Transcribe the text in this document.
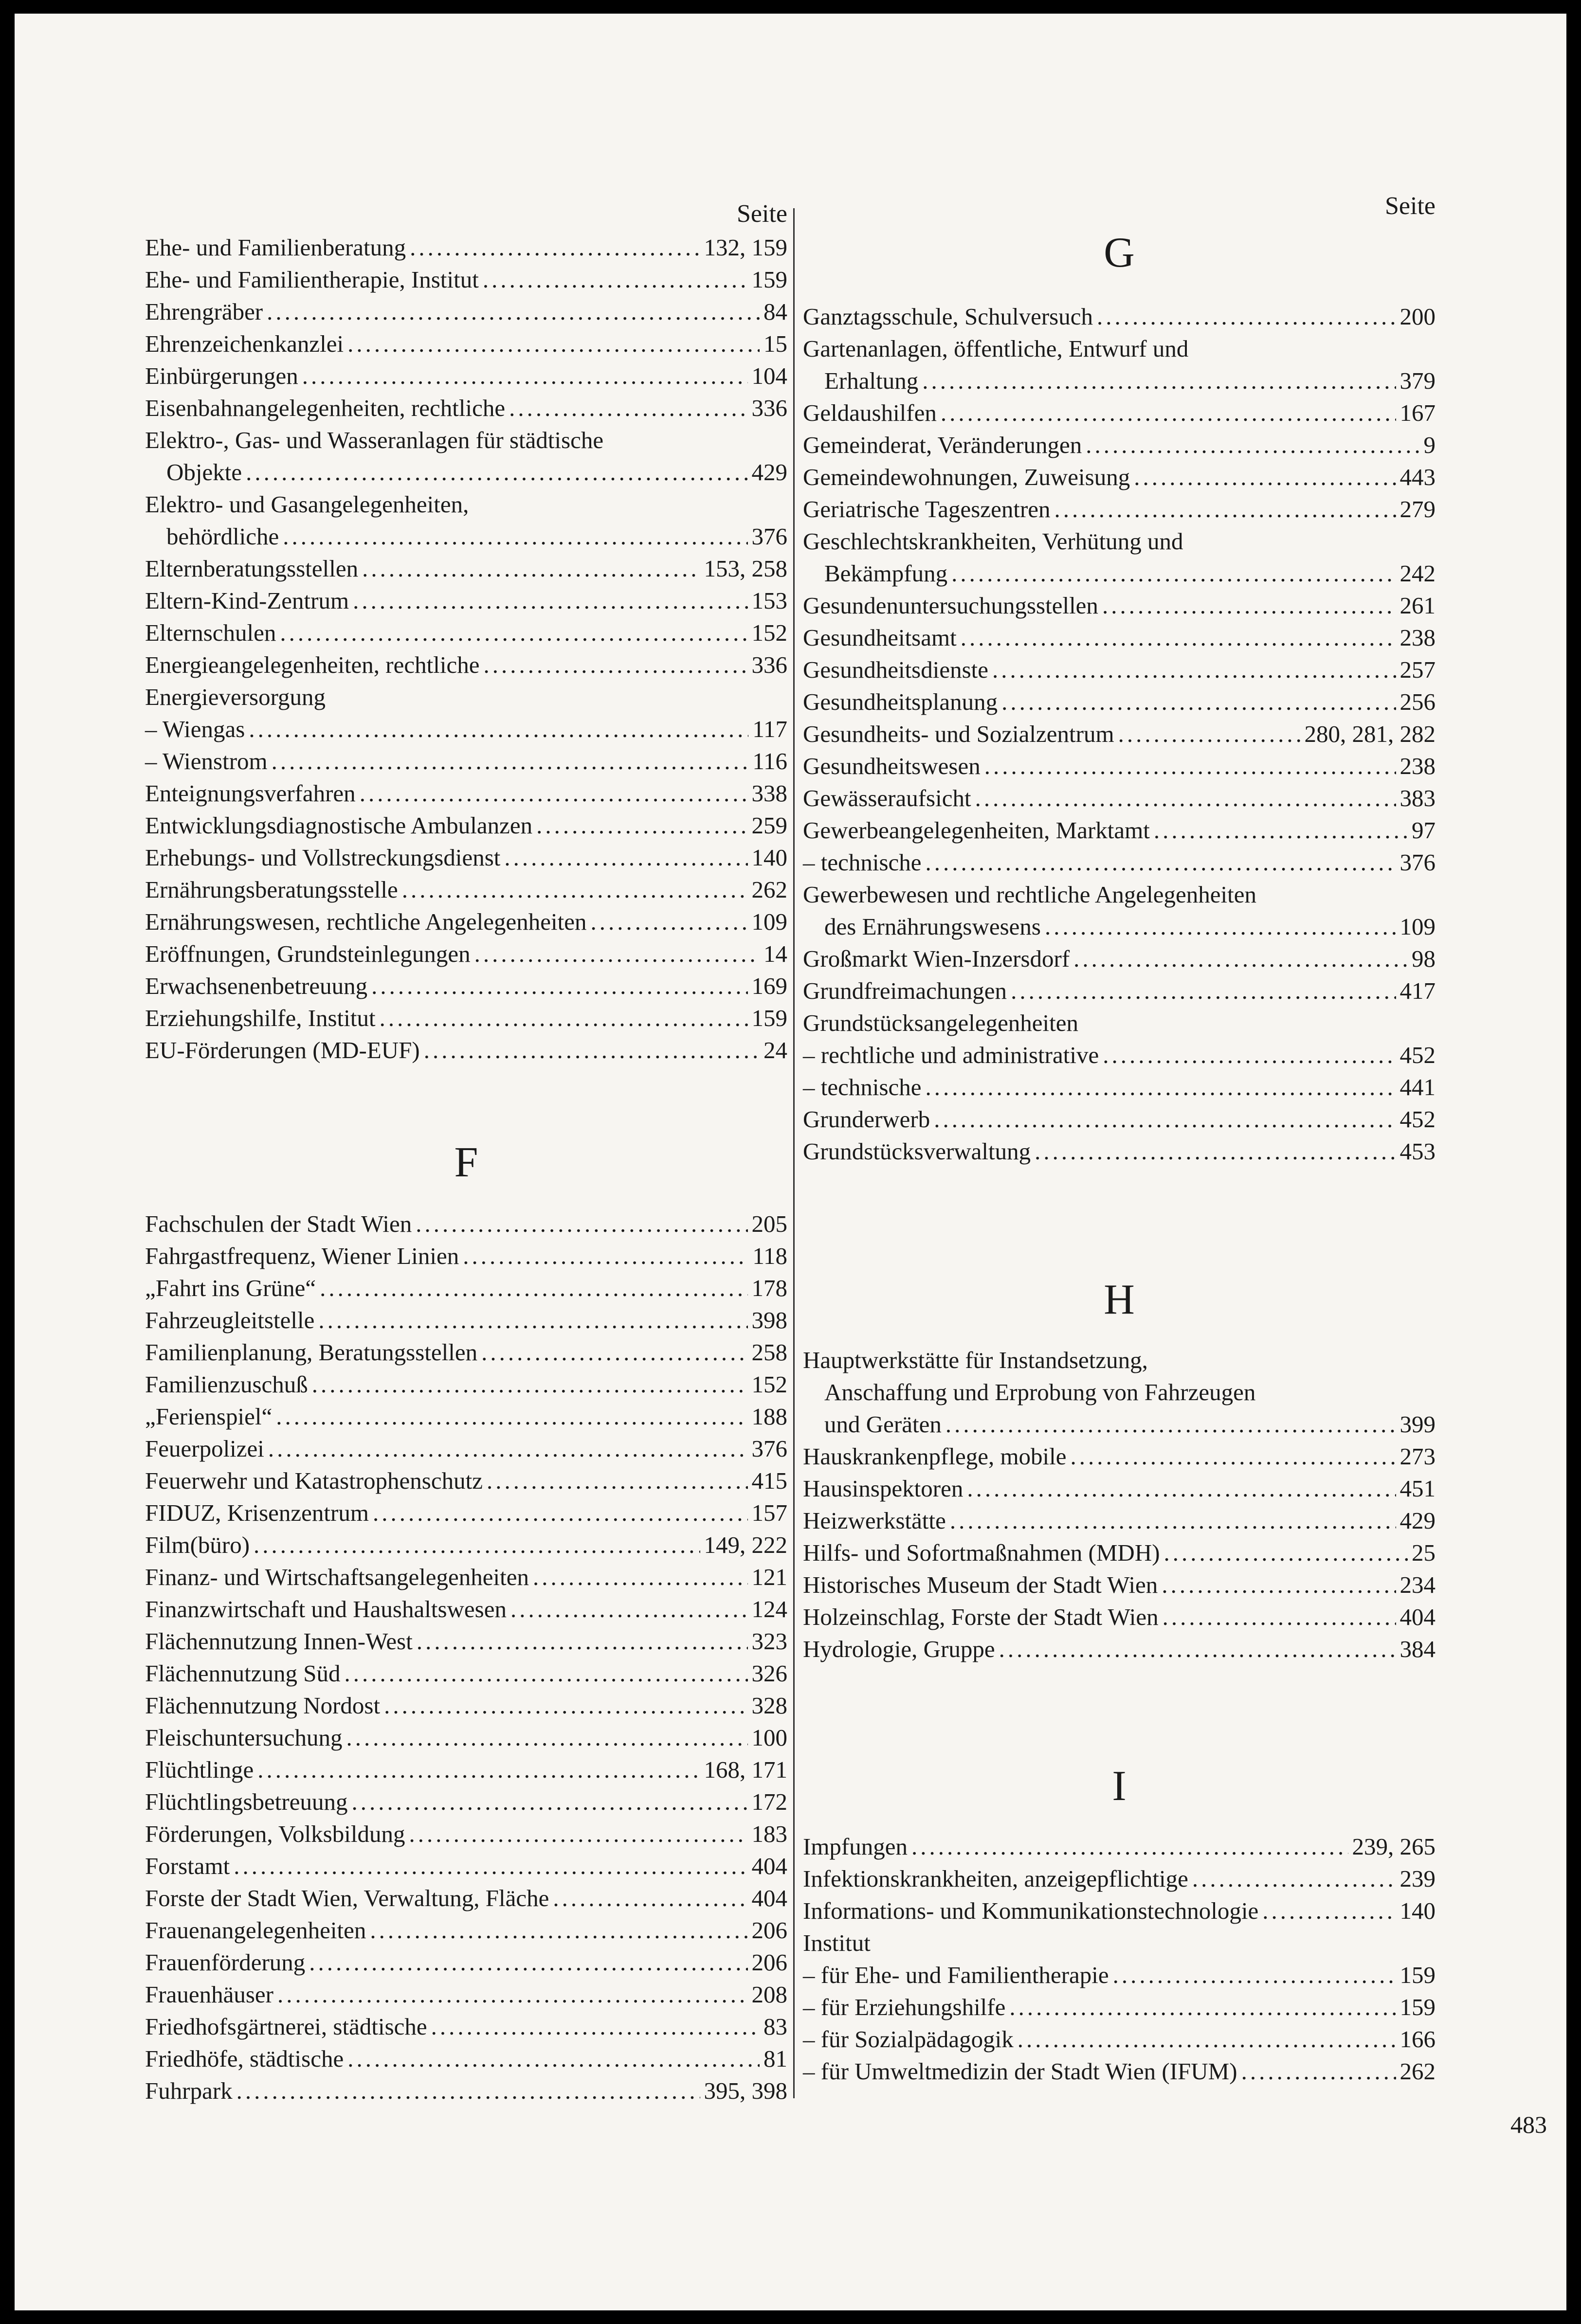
Seite
Ehe- und Familienberatung .....	132, 159
Ehe- und Familientherapie, Institut .....	159
Ehrengräber .....	84
Ehrenzeichenkanzlei .....	15
Einbürgerungen .....	104
Eisenbahnangelegenheiten, rechtliche .....	336
Elektro-, Gas- und Wasseranlagen für städtische
Objekte .....	429
Elektro- und Gasangelegenheiten,
behördliche .....	376
Elternberatungsstellen .....	153, 258
Eltern-Kind-Zentrum .....	153
Elternschulen .....	152
Energieangelegenheiten, rechtliche .....	336
Energieversorgung
– Wiengas .....	117
– Wienstrom .....	116
Enteignungsverfahren .....	338
Entwicklungsdiagnostische Ambulanzen .....	259
Erhebungs- und Vollstreckungsdienst .....	140
Ernährungsberatungsstelle .....	262
Ernährungswesen, rechtliche Angelegenheiten .....	109
Eröffnungen, Grundsteinlegungen .....	14
Erwachsenenbetreuung .....	169
Erziehungshilfe, Institut .....	159
EU-Förderungen (MD-EUF) .....	24
F
Fachschulen der Stadt Wien .....	205
Fahrgastfrequenz, Wiener Linien .....	118
„Fahrt ins Grüne“ .....	178
Fahrzeugleitstelle .....	398
Familienplanung, Beratungsstellen .....	258
Familienzuschuß .....	152
„Ferienspiel“ .....	188
Feuerpolizei .....	376
Feuerwehr und Katastrophenschutz .....	415
FIDUZ, Krisenzentrum .....	157
Film(büro) .....	149, 222
Finanz- und Wirtschaftsangelegenheiten .....	121
Finanzwirtschaft und Haushaltswesen .....	124
Flächennutzung Innen-West .....	323
Flächennutzung Süd .....	326
Flächennutzung Nordost .....	328
Fleischuntersuchung .....	100
Flüchtlinge .....	168, 171
Flüchtlingsbetreuung .....	172
Förderungen, Volksbildung .....	183
Forstamt .....	404
Forste der Stadt Wien, Verwaltung, Fläche .....	404
Frauenangelegenheiten .....	206
Frauenförderung .....	206
Frauenhäuser .....	208
Friedhofsgärtnerei, städtische .....	83
Friedhöfe, städtische .....	81
Fuhrpark .....	395, 398
Seite
G
Ganztagsschule, Schulversuch .....	200
Gartenanlagen, öffentliche, Entwurf und
Erhaltung .....	379
Geldaushilfen .....	167
Gemeinderat, Veränderungen .....	9
Gemeindewohnungen, Zuweisung .....	443
Geriatrische Tageszentren .....	279
Geschlechtskrankheiten, Verhütung und
Bekämpfung .....	242
Gesundenuntersuchungsstellen .....	261
Gesundheitsamt .....	238
Gesundheitsdienste .....	257
Gesundheitsplanung .....	256
Gesundheits- und Sozialzentrum .....	280, 281, 282
Gesundheitswesen .....	238
Gewässeraufsicht .....	383
Gewerbeangelegenheiten, Marktamt .....	97
– technische .....	376
Gewerbewesen und rechtliche Angelegenheiten
des Ernährungswesens .....	109
Großmarkt Wien-Inzersdorf .....	98
Grundfreimachungen .....	417
Grundstücksangelegenheiten
– rechtliche und administrative .....	452
– technische .....	441
Grunderwerb .....	452
Grundstücksverwaltung .....	453
H
Hauptwerkstätte für Instandsetzung,
Anschaffung und Erprobung von Fahrzeugen
und Geräten .....	399
Hauskrankenpflege, mobile .....	273
Hausinspektoren .....	451
Heizwerkstätte .....	429
Hilfs- und Sofortmaßnahmen (MDH) .....	25
Historisches Museum der Stadt Wien .....	234
Holzeinschlag, Forste der Stadt Wien .....	404
Hydrologie, Gruppe .....	384
I
Impfungen .....	239, 265
Infektionskrankheiten, anzeigepflichtige .....	239
Informations- und Kommunikationstechnologie .....	140
Institut
– für Ehe- und Familientherapie .....	159
– für Erziehungshilfe .....	159
– für Sozialpädagogik .....	166
– für Umweltmedizin der Stadt Wien (IFUM) .....	262
483
